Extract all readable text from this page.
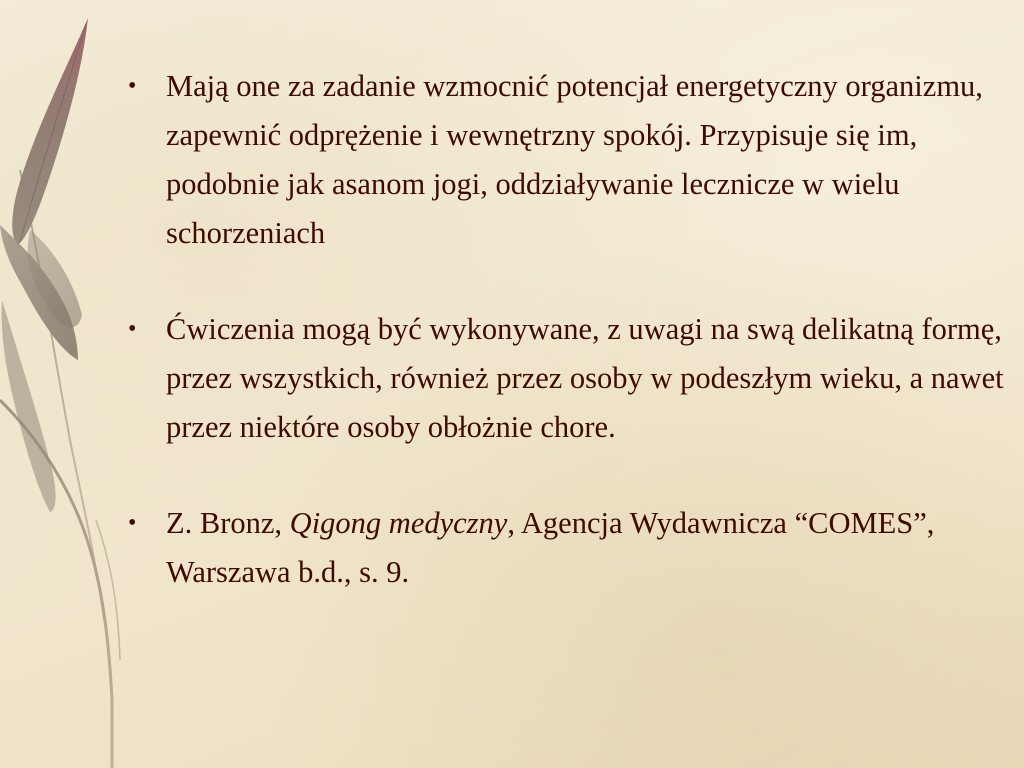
• Mają one za zadanie wzmocnić potencjał energetyczny organizmu, zapewnić odprężenie i wewnętrzny spokój. Przypisuje się im, podobnie jak asanom jogi, oddziaływanie lecznicze w wielu schorzeniach
• Ćwiczenia mogą być wykonywane, z uwagi na swą delikatną formę, przez wszystkich, również przez osoby w podeszłym wieku, a nawet przez niektóre osoby obłożnie chore.
• Z. Bronz, Qigong medyczny, Agencja Wydawnicza “COMES”, Warszawa b.d., s. 9.
